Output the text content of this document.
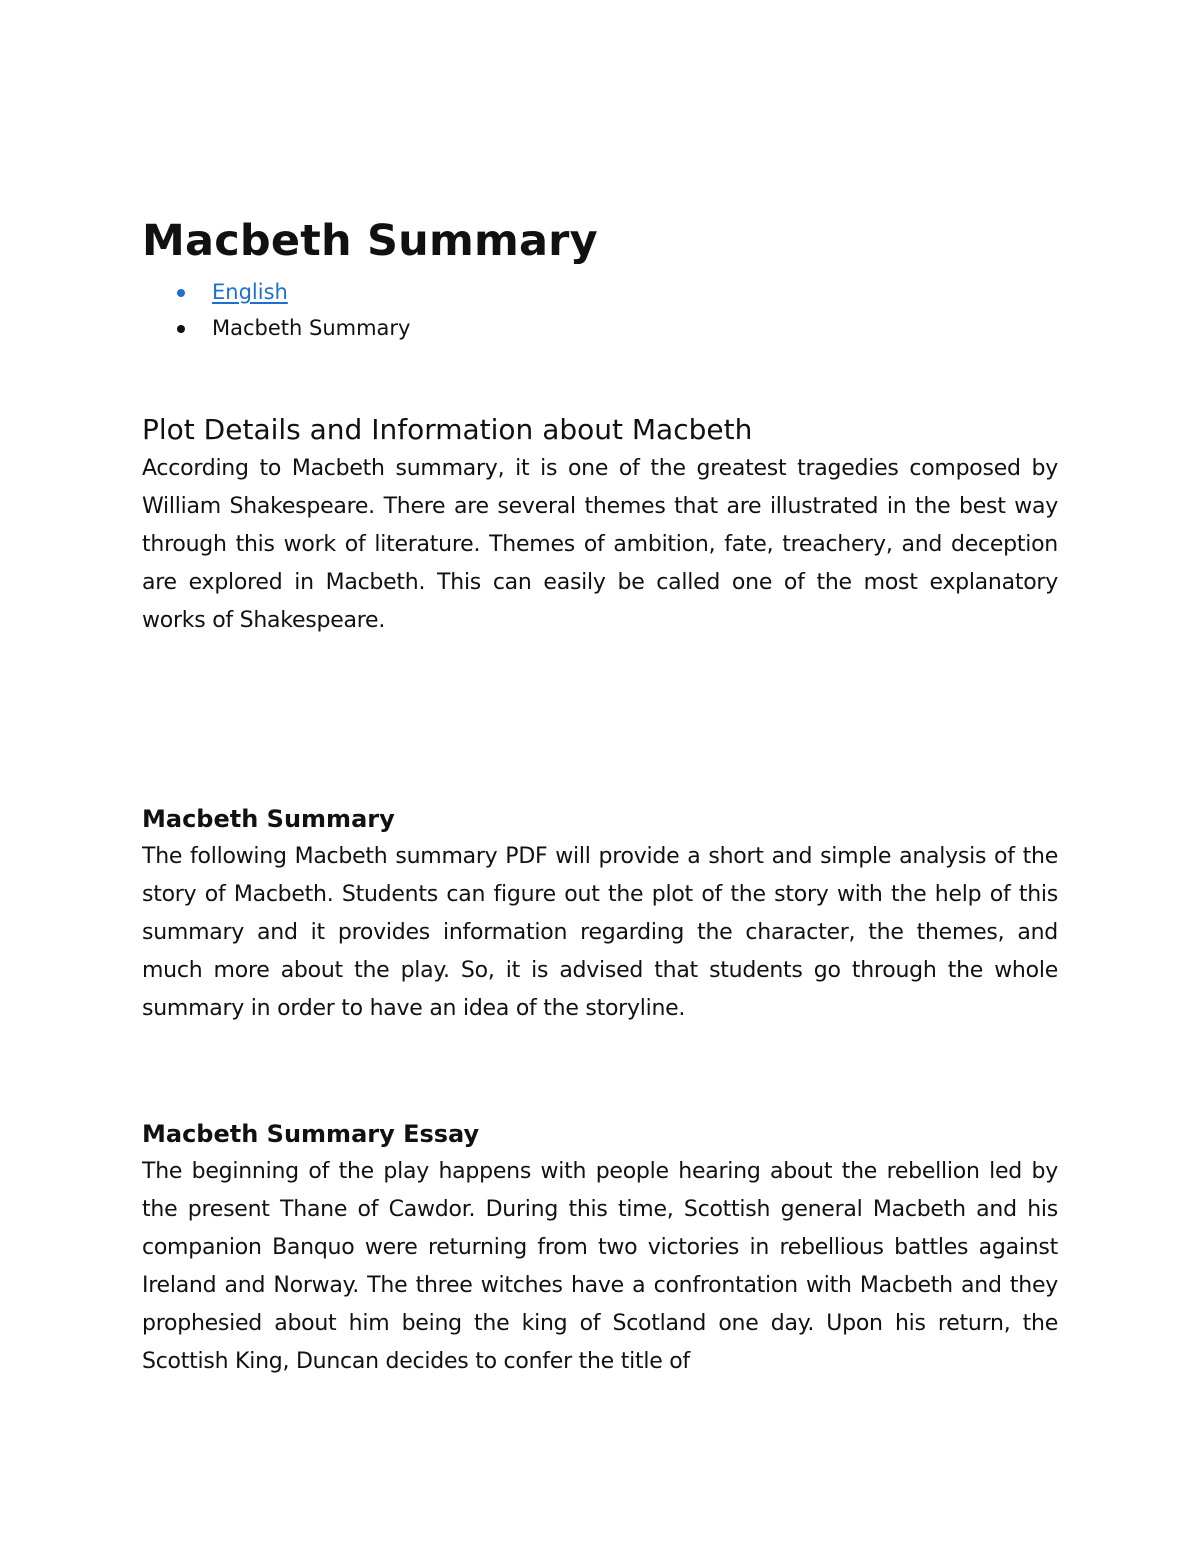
Macbeth Summary
English
Macbeth Summary
Plot Details and Information about Macbeth

According to Macbeth summary, it is one of the greatest tragedies composed by William Shakespeare. There are several themes that are illustrated in the best way through this work of literature. Themes of ambition, fate, treachery, and deception are explored in Macbeth. This can easily be called one of the most explanatory works of Shakespeare.

Macbeth Summary

The following Macbeth summary PDF will provide a short and simple analysis of the story of Macbeth. Students can figure out the plot of the story with the help of this summary and it provides information regarding the character, the themes, and much more about the play. So, it is advised that students go through the whole summary in order to have an idea of the storyline.

Macbeth Summary Essay

The beginning of the play happens with people hearing about the rebellion led by the present Thane of Cawdor. During this time, Scottish general Macbeth and his companion Banquo were returning from two victories in rebellious battles against Ireland and Norway. The three witches have a confrontation with Macbeth and they prophesied about him being the king of Scotland one day. Upon his return, the Scottish King, Duncan decides to confer the title of
